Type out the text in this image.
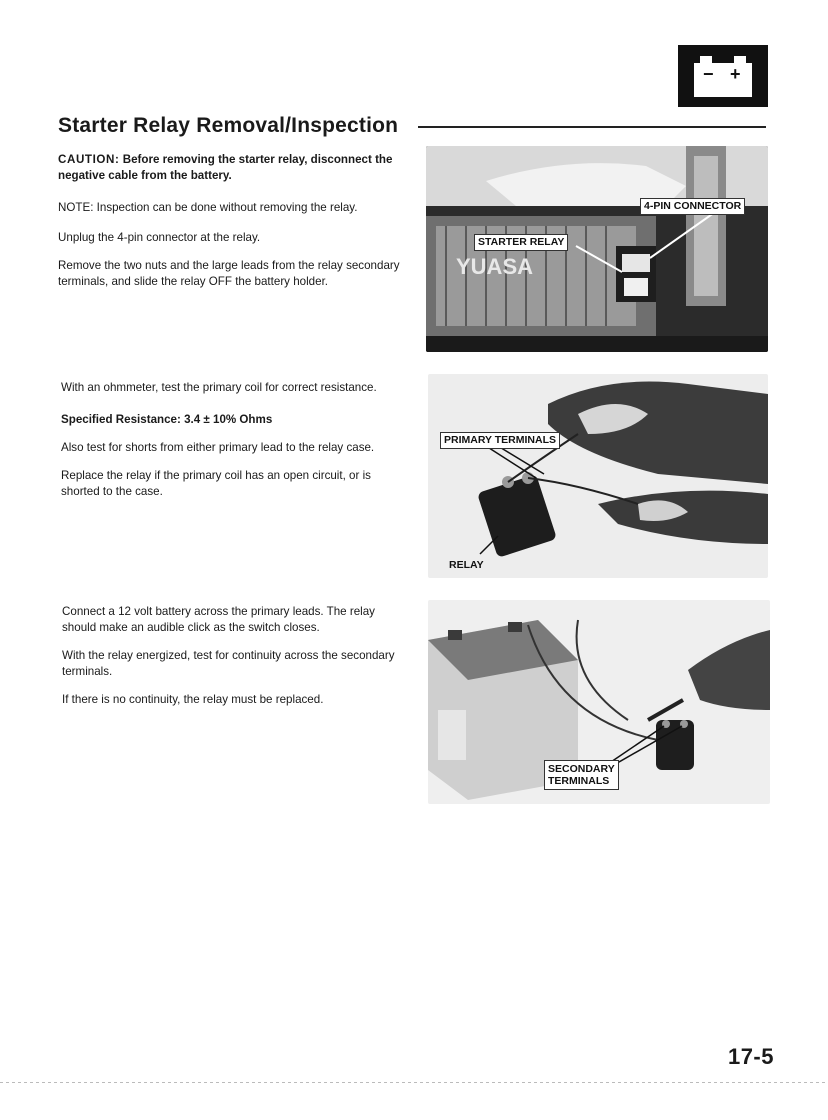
− +
Starter Relay Removal/Inspection

CAUTION: Before removing the starter relay, disconnect the negative cable from the battery.

NOTE: Inspection can be done without removing the relay.

Unplug the 4-pin connector at the relay.

Remove the two nuts and the large leads from the relay secondary terminals, and slide the relay OFF the battery holder.

YUASA
4-PIN CONNECTOR
STARTER RELAY

With an ohmmeter, test the primary coil for correct resistance.

Specified Resistance: 3.4 ± 10% Ohms

Also test for shorts from either primary lead to the relay case.

Replace the relay if the primary coil has an open circuit, or is shorted to the case.

PRIMARY TERMINALS
RELAY

Connect a 12 volt battery across the primary leads. The relay should make an audible click as the switch closes.

With the relay energized, test for continuity across the secondary terminals.

If there is no continuity, the relay must be replaced.

SECONDARY
TERMINALS
17-5
